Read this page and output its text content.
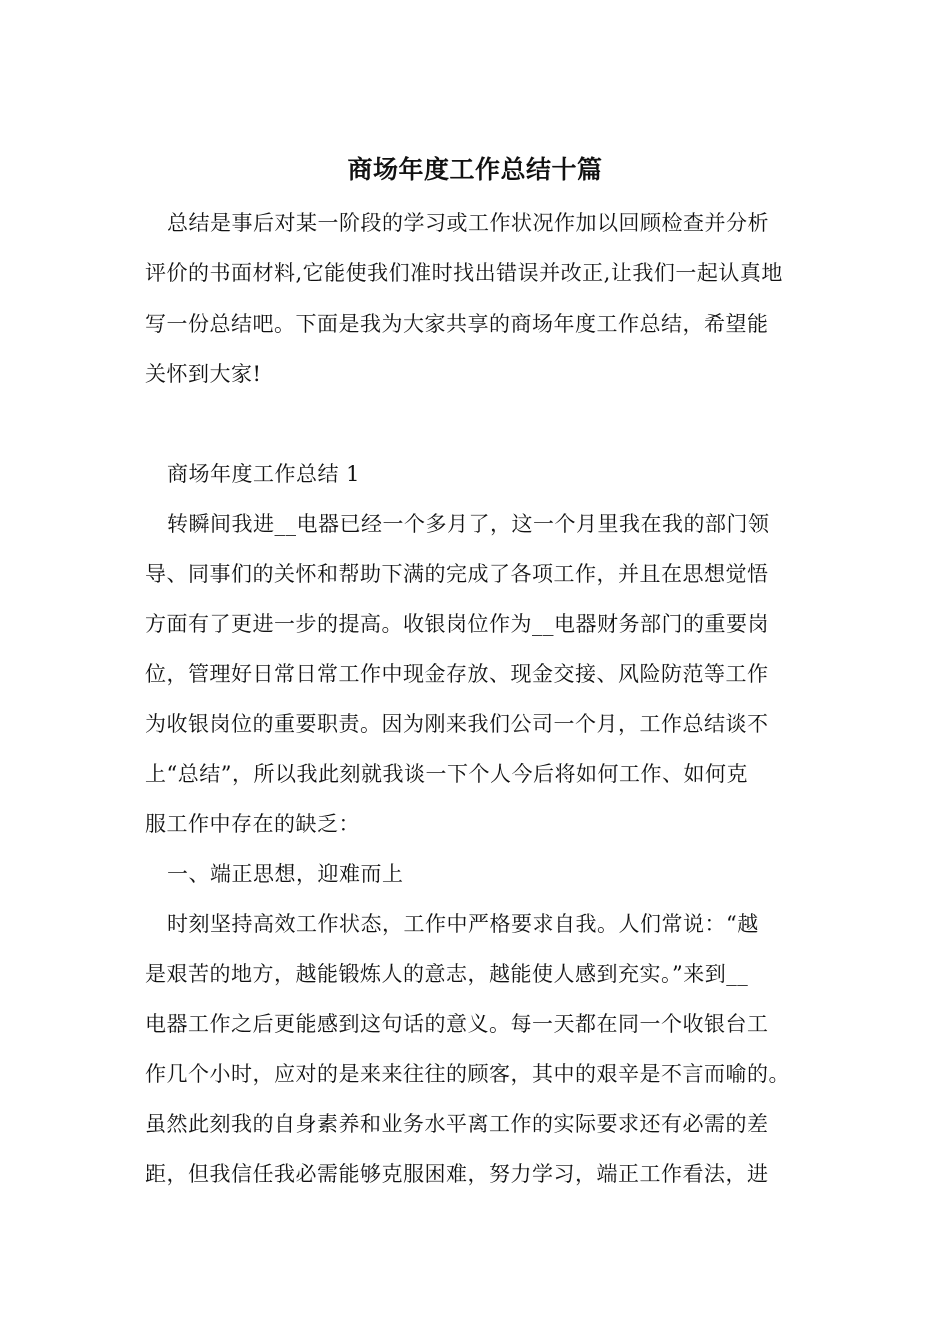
商场年度工作总结十篇
总结是事后对某一阶段的学习或工作状况作加以回顾检查并分析
评价的书面材料,它能使我们准时找出错误并改正,让我们一起认真地
写一份总结吧。下面是我为大家共享的商场年度工作总结，希望能
关怀到大家!
商场年度工作总结 1
转瞬间我进__电器已经一个多月了，这一个月里我在我的部门领
导、同事们的关怀和帮助下满的完成了各项工作，并且在思想觉悟
方面有了更进一步的提高。收银岗位作为__电器财务部门的重要岗
位，管理好日常日常工作中现金存放、现金交接、风险防范等工作
为收银岗位的重要职责。因为刚来我们公司一个月，工作总结谈不
上“总结”，所以我此刻就我谈一下个人今后将如何工作、如何克
服工作中存在的缺乏：
一、端正思想，迎难而上
时刻坚持高效工作状态，工作中严格要求自我。人们常说：“越
是艰苦的地方，越能锻炼人的意志，越能使人感到充实。”来到__
电器工作之后更能感到这句话的意义。每一天都在同一个收银台工
作几个小时，应对的是来来往往的顾客，其中的艰辛是不言而喻的。
虽然此刻我的自身素养和业务水平离工作的实际要求还有必需的差
距，但我信任我必需能够克服困难，努力学习，端正工作看法，进
